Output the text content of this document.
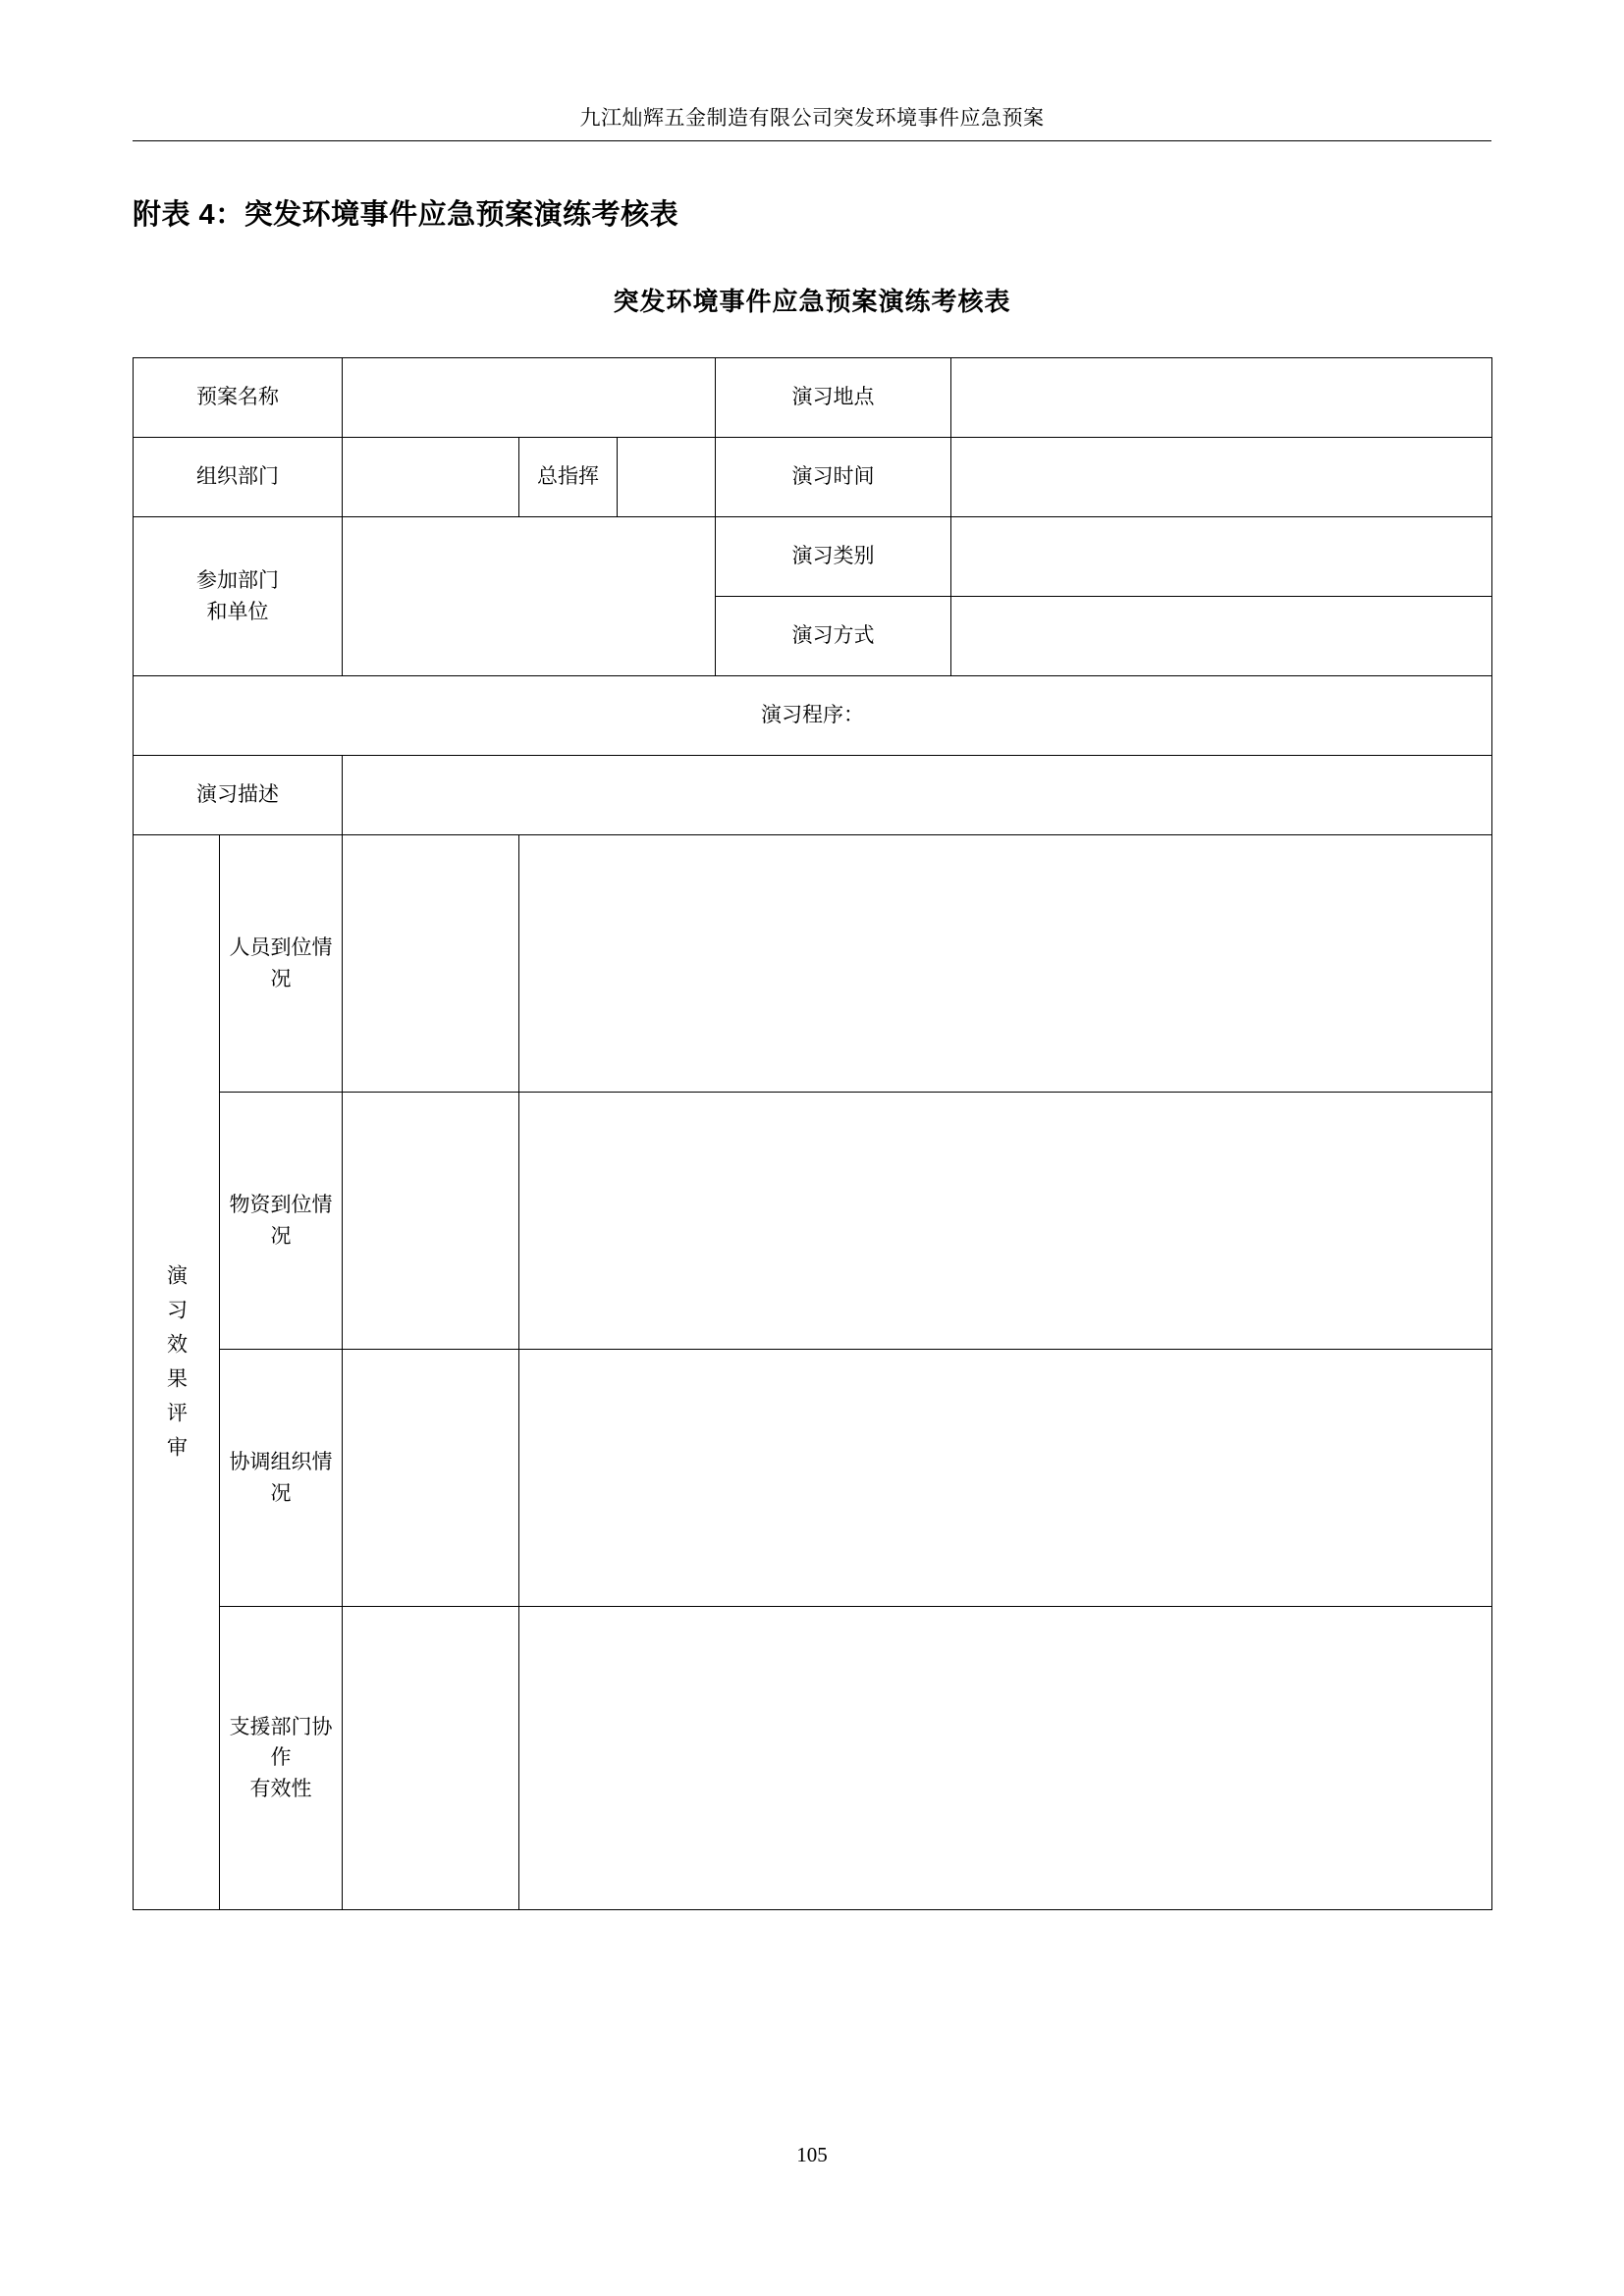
九江灿辉五金制造有限公司突发环境事件应急预案
附表 4：突发环境事件应急预案演练考核表
突发环境事件应急预案演练考核表
预案名称					演习地点	
组织部门			总指挥		演习时间	
参加部门
和单位					演习类别	
					演习方式	
演习程序：						
演习描述						
演习效果评审	人员到位情况					
	物资到位情况					
	协调组织情况					
	支援部门协作
有效性					
105
